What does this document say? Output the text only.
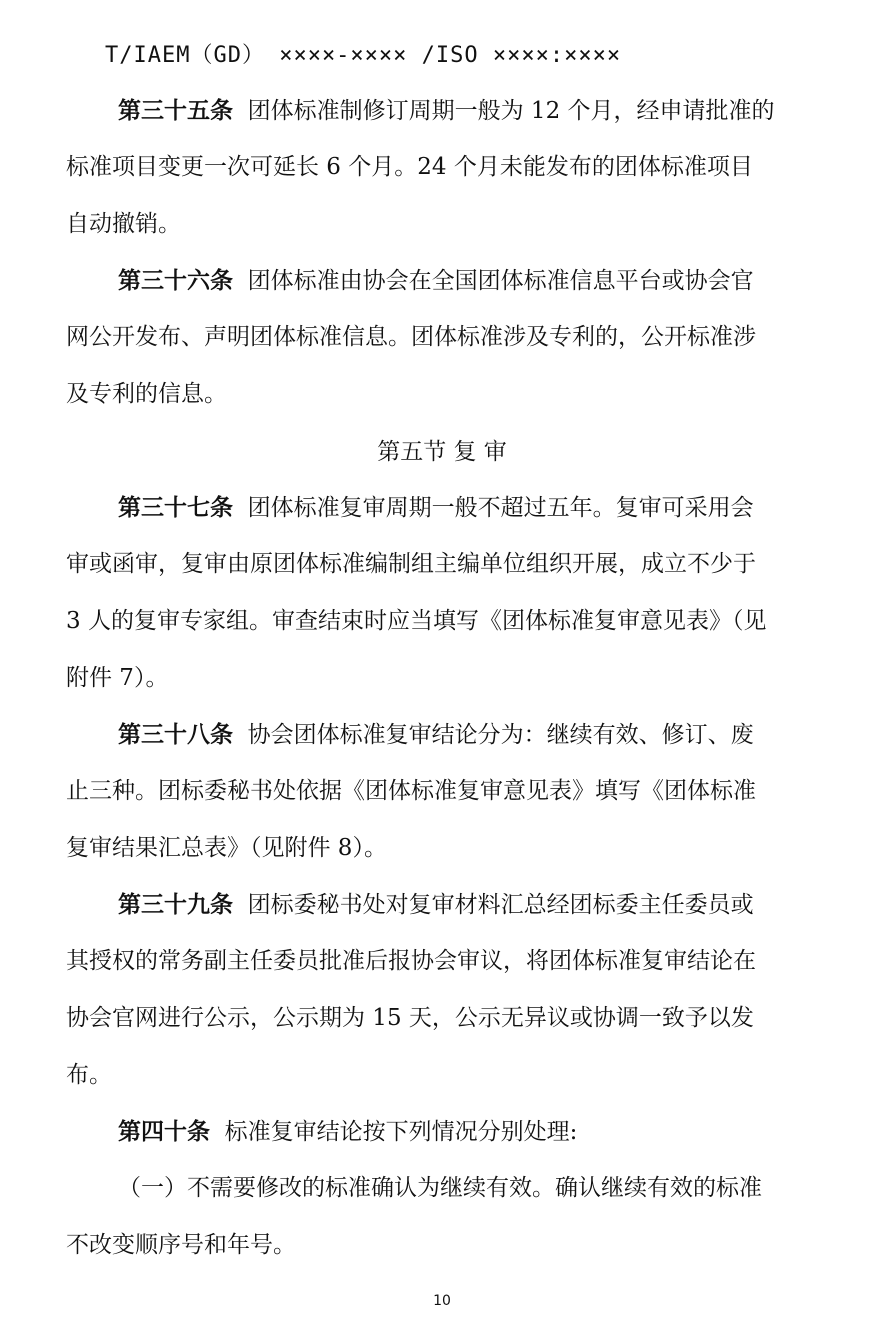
T/IAEM（GD） ××××-×××× /ISO ××××:××××
第三十五条 团体标准制修订周期一般为 12 个月，经申请批准的
标准项目变更一次可延长 6 个月。24 个月未能发布的团体标准项目
自动撤销。
第三十六条 团体标准由协会在全国团体标准信息平台或协会官
网公开发布、声明团体标准信息。团体标准涉及专利的，公开标准涉
及专利的信息。
第五节 复 审
第三十七条 团体标准复审周期一般不超过五年。复审可采用会
审或函审，复审由原团体标准编制组主编单位组织开展，成立不少于
3 人的复审专家组。审查结束时应当填写《团体标准复审意见表》（见
附件 7）。
第三十八条 协会团体标准复审结论分为：继续有效、修订、废
止三种。团标委秘书处依据《团体标准复审意见表》填写《团体标准
复审结果汇总表》（见附件 8）。
第三十九条 团标委秘书处对复审材料汇总经团标委主任委员或
其授权的常务副主任委员批准后报协会审议，将团体标准复审结论在
协会官网进行公示，公示期为 15 天，公示无异议或协调一致予以发
布。
第四十条 标准复审结论按下列情况分别处理:
（一）不需要修改的标准确认为继续有效。确认继续有效的标准
不改变顺序号和年号。
10
